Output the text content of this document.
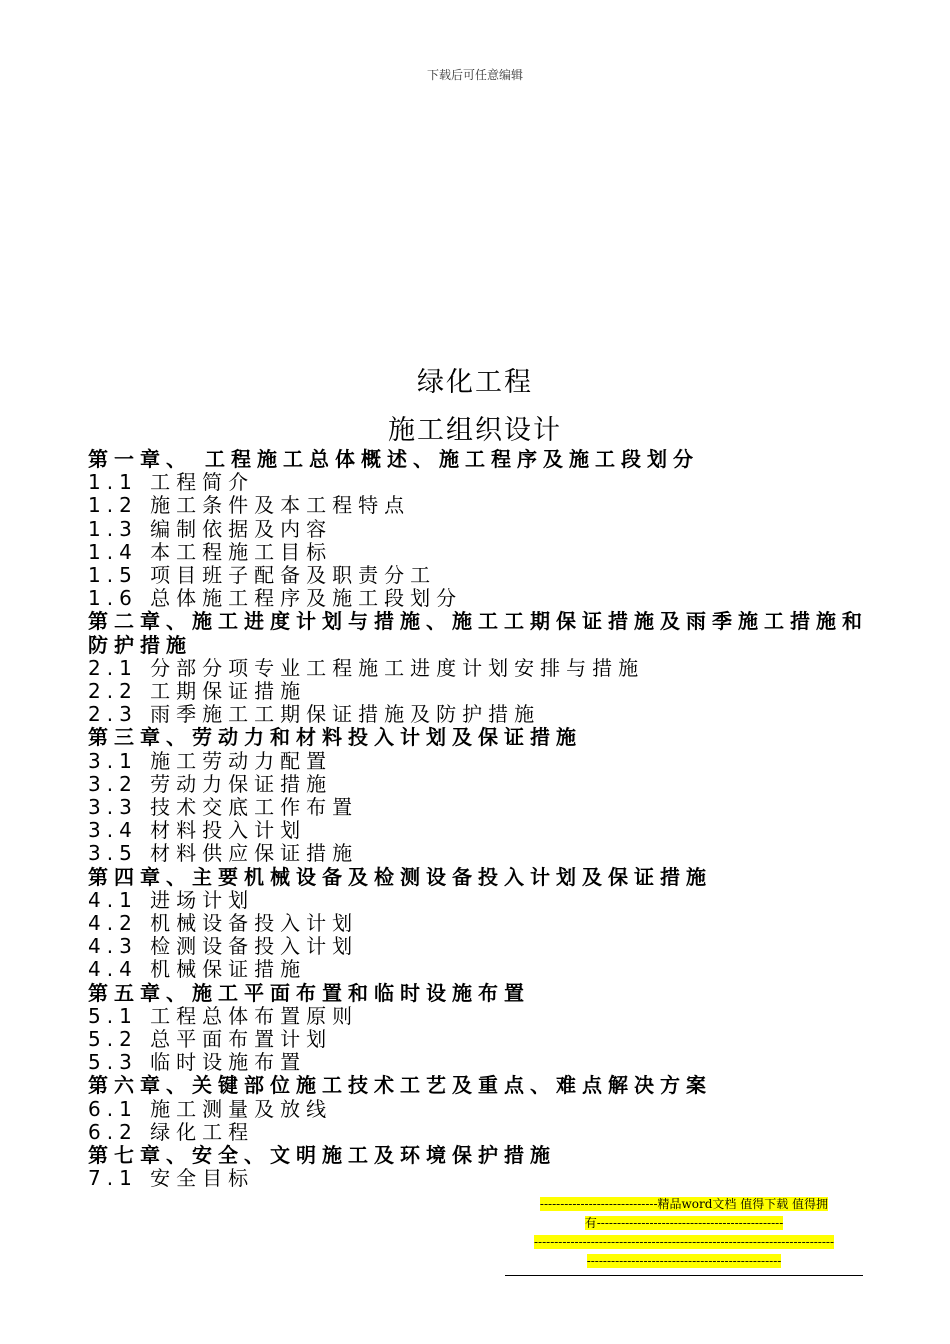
下载后可任意编辑
绿化工程
施工组织设计
第一章、 工程施工总体概述、施工程序及施工段划分
1.1 工程简介
1.2 施工条件及本工程特点
1.3 编制依据及内容
1.4 本工程施工目标
1.5 项目班子配备及职责分工
1.6 总体施工程序及施工段划分
第二章、施工进度计划与措施、施工工期保证措施及雨季施工措施和防护措施
2.1 分部分项专业工程施工进度计划安排与措施
2.2 工期保证措施
2.3 雨季施工工期保证措施及防护措施
第三章、劳动力和材料投入计划及保证措施
3.1 施工劳动力配置
3.2 劳动力保证措施
3.3 技术交底工作布置
3.4 材料投入计划
3.5 材料供应保证措施
第四章、主要机械设备及检测设备投入计划及保证措施
4.1 进场计划
4.2 机械设备投入计划
4.3 检测设备投入计划
4.4 机械保证措施
第五章、施工平面布置和临时设施布置
5.1 工程总体布置原则
5.2 总平面布置计划
5.3 临时设施布置
第六章、关键部位施工技术工艺及重点、难点解决方案
6.1 施工测量及放线
6.2 绿化工程
第七章、安全、文明施工及环境保护措施
7.1 安全目标
-----------------------------精品word文档 值得下载 值得拥
有----------------------------------------------
--------------------------------------------------------------------------
------------------------------------------------
